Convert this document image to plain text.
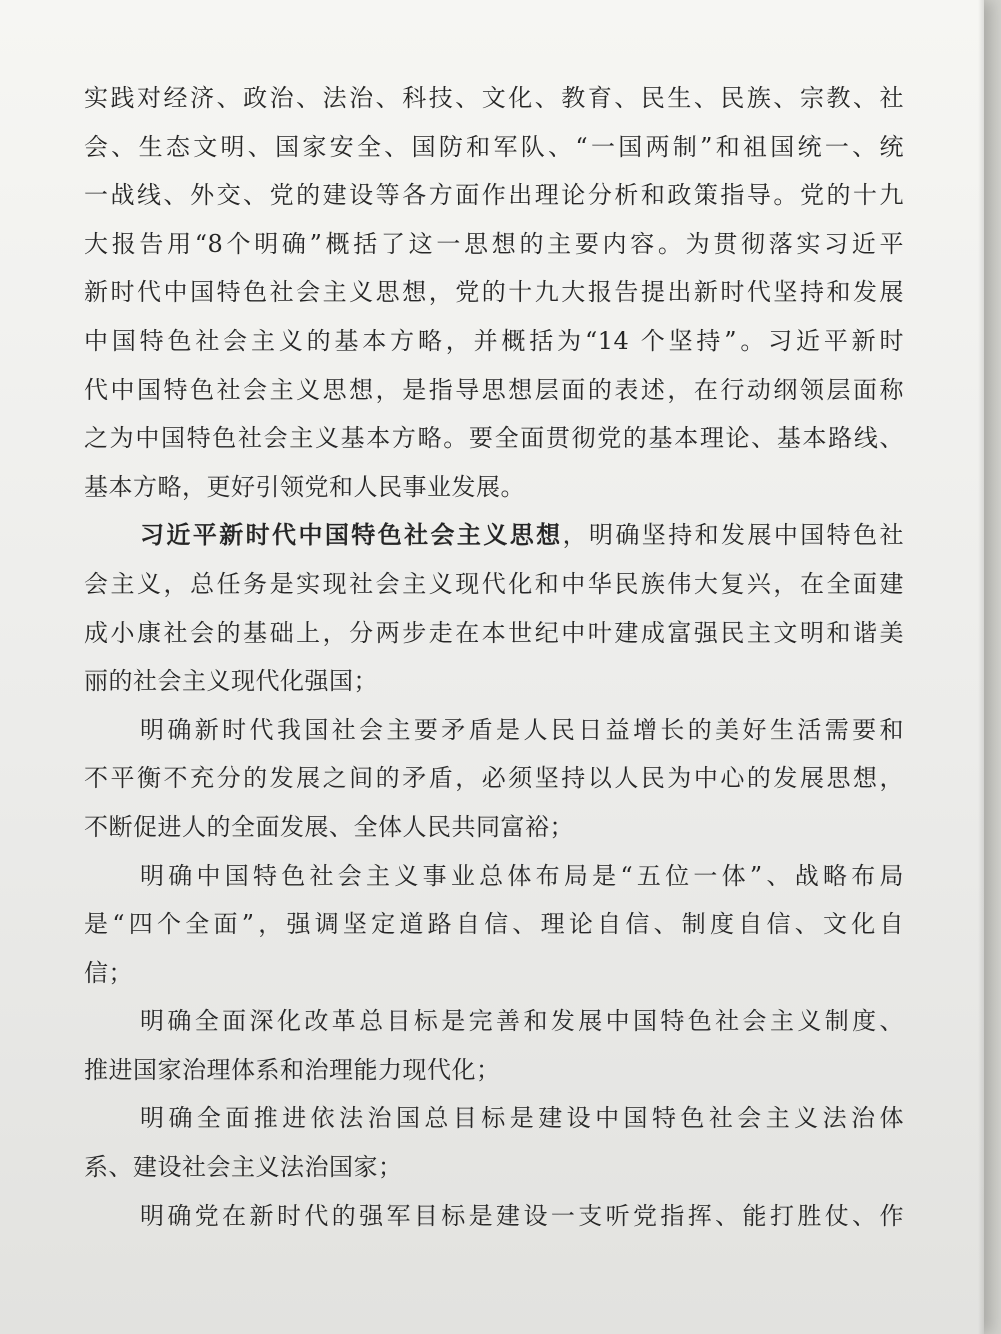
实践对经济、政治、法治、科技、文化、教育、民生、民族、宗教、社
会、生态文明、国家安全、国防和军队、“一国两制”和祖国统一、统
一战线、外交、党的建设等各方面作出理论分析和政策指导。党的十九
大报告用“8个明确”概括了这一思想的主要内容。为贯彻落实习近平
新时代中国特色社会主义思想，党的十九大报告提出新时代坚持和发展
中国特色社会主义的基本方略，并概括为“14 个坚持”。习近平新时
代中国特色社会主义思想，是指导思想层面的表述，在行动纲领层面称
之为中国特色社会主义基本方略。要全面贯彻党的基本理论、基本路线、
基本方略，更好引领党和人民事业发展。
习近平新时代中国特色社会主义思想，明确坚持和发展中国特色社
会主义，总任务是实现社会主义现代化和中华民族伟大复兴，在全面建
成小康社会的基础上，分两步走在本世纪中叶建成富强民主文明和谐美
丽的社会主义现代化强国；
明确新时代我国社会主要矛盾是人民日益增长的美好生活需要和
不平衡不充分的发展之间的矛盾，必须坚持以人民为中心的发展思想，
不断促进人的全面发展、全体人民共同富裕；
明确中国特色社会主义事业总体布局是“五位一体”、战略布局
是“四个全面”，强调坚定道路自信、理论自信、制度自信、文化自
信；
明确全面深化改革总目标是完善和发展中国特色社会主义制度、
推进国家治理体系和治理能力现代化；
明确全面推进依法治国总目标是建设中国特色社会主义法治体
系、建设社会主义法治国家；
明确党在新时代的强军目标是建设一支听党指挥、能打胜仗、作
